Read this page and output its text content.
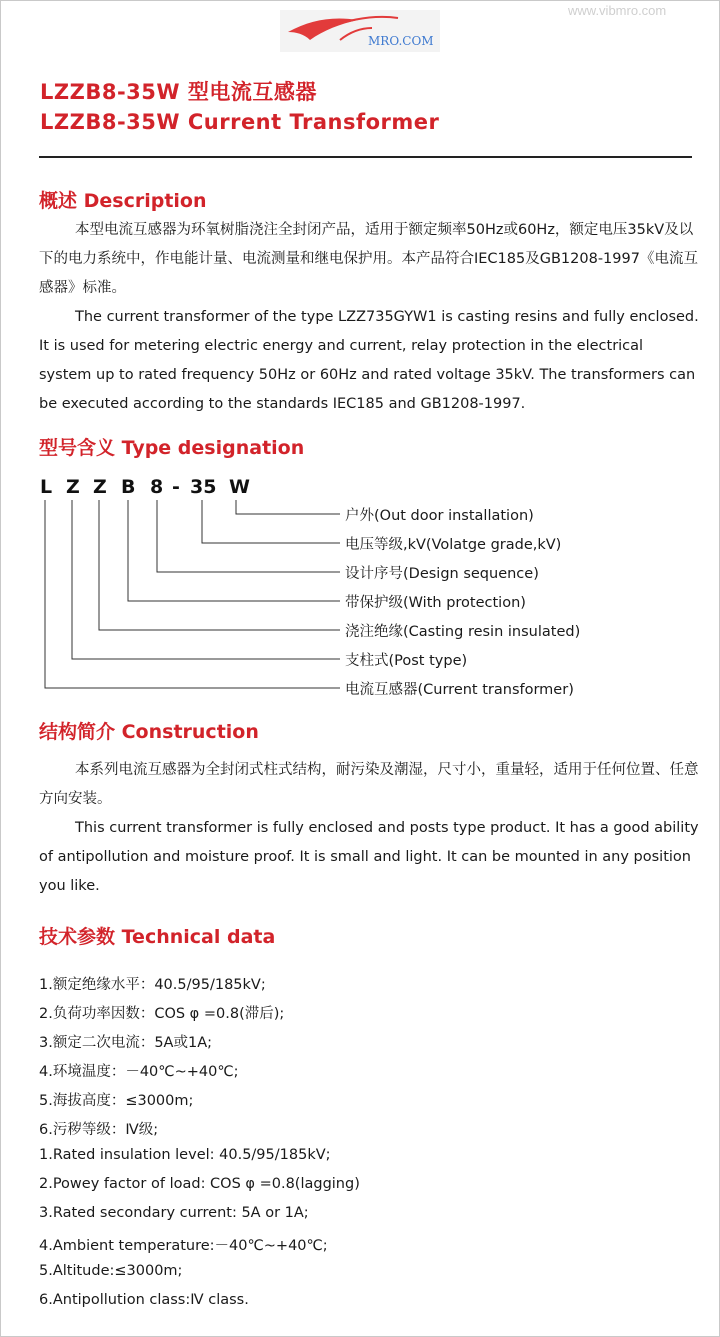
www.vibmro.com
MRO.COM
LZZB8-35W 型电流互感器
LZZB8-35W Current Transformer
概述 Description

本型电流互感器为环氧树脂浇注全封闭产品，适用于额定频率50Hz或60Hz，额定电压35kV及以下的电力系统中，作电能计量、电流测量和继电保护用。本产品符合IEC185及GB1208-1997《电流互感器》标准。

The current transformer of the type LZZ735GYW1 is casting resins and fully enclosed. It is used for metering electric energy and current, relay protection in the electrical system up to rated frequency 50Hz or 60Hz and rated voltage 35kV. The transformers can be executed according to the standards IEC185 and GB1208-1997.

型号含义 Type designation
L Z Z B 8 - 35 W
户外(Out door installation)
电压等级,kV(Volatge grade,kV)
设计序号(Design sequence)
带保护级(With protection)
浇注绝缘(Casting resin insulated)
支柱式(Post type)
电流互感器(Current transformer)
结构简介 Construction

本系列电流互感器为全封闭式柱式结构，耐污染及潮湿，尺寸小，重量轻，适用于任何位置、任意方向安装。

This current transformer is fully enclosed and posts type product. It has a good ability of antipollution and moisture proof. It is small and light. It can be mounted in any position you like.

技术参数 Technical data
1.额定绝缘水平：40.5/95/185kV;
2.负荷功率因数：COS φ =0.8(滞后);
3.额定二次电流：5A或1A;
4.环境温度：－40℃~+40℃;
5.海拔高度：≤3000m;
6.污秽等级：Ⅳ级;
1.Rated insulation level: 40.5/95/185kV;
2.Powey factor of load: COS φ =0.8(lagging)
3.Rated secondary current: 5A or 1A;
4.Ambient temperature:－40℃~+40℃;
5.Altitude:≤3000m;
6.Antipollution class:Ⅳ class.
